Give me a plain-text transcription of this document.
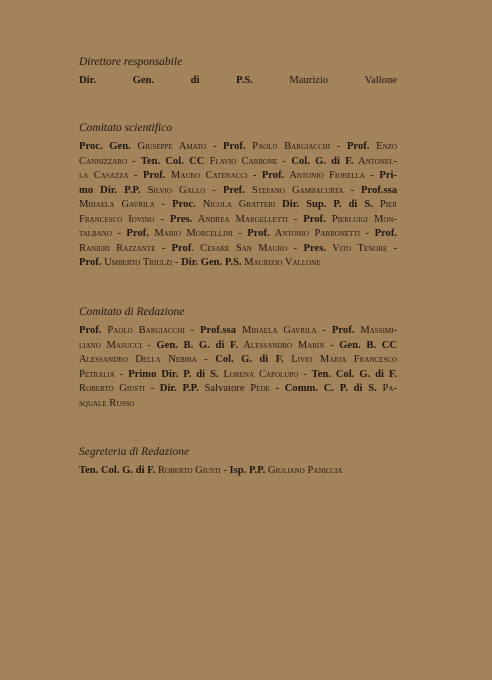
Direttore responsabile
Dir. Gen. di P.S. Maurizio Vallone
Comitato scientifico
Proc. Gen. Giuseppe Amato - Prof. Paolo Bargiacchi - Prof. Enzo
Cannizzaro - Ten. Col. CC Flavio Carbone - Col. G. di F. Antonel-
la Casazza - Prof. Mauro Catenacci - Prof. Antonio Fiorella - Pri-
mo Dir. P.P. Silvio Gallo - Pref. Stefano Gambacurta - Prof.ssa
Mihaela Gavrila - Proc. Nicola Gratteri Dir. Sup. P. di S. Pier
Francesco Iovino - Pres. Andrea Margelletti - Prof. Pierluigi Mon-
talbano - Prof. Mario Morcellini - Prof. Antonio Parbonetti - Prof.
Ranieri Razzante - Prof. Cesare San Mauro - Pres. Vito Tenore -
Prof. Umberto Triulzi - Dir. Gen. P.S. Maurizio Vallone
Comitato di Redazione
Prof. Paolo Bargiacchi - Prof.ssa Mihaela Gavrila - Prof. Massimi-
liano Masucci - Gen. B. G. di F. Alessandro Marin - Gen. B. CC
Alessandro Della Nebbia - Col. G. di F. Livio Maria Francesco
Petralia - Primo Dir. P. di S. Lorena Capolupo - Ten. Col. G. di F.
Roberto Giusti - Dir. P.P. Salvatore Pede - Comm. C. P. di S. Pa-
squale Russo
Segreteria di Redazione
Ten. Col. G. di F. Roberto Giusti - Isp. P.P. Giuliano Paniccia
